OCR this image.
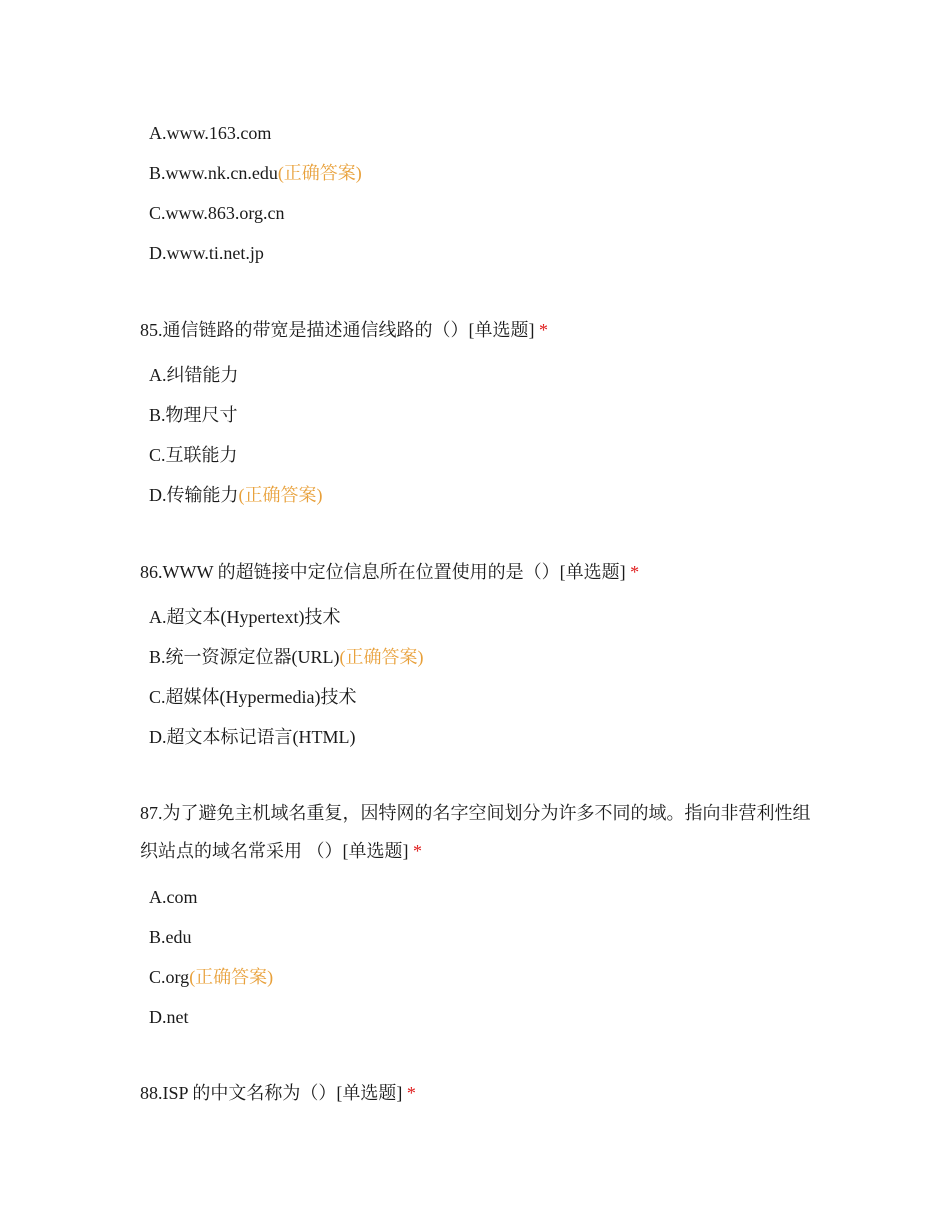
A.www.163.com
B.www.nk.cn.edu(正确答案)
C.www.863.org.cn
D.www.ti.net.jp
85.通信链路的带宽是描述通信线路的（）[单选题] *
A.纠错能力
B.物理尺寸
C.互联能力
D.传输能力(正确答案)
86.WWW 的超链接中定位信息所在位置使用的是（）[单选题] *
A.超文本(Hypertext)技术
B.统一资源定位器(URL)(正确答案)
C.超媒体(Hypermedia)技术
D.超文本标记语言(HTML)
87.为了避免主机域名重复，因特网的名字空间划分为许多不同的域。指向非营利性组织站点的域名常采用 （）[单选题] *
A.com
B.edu
C.org(正确答案)
D.net
88.ISP 的中文名称为（）[单选题] *
